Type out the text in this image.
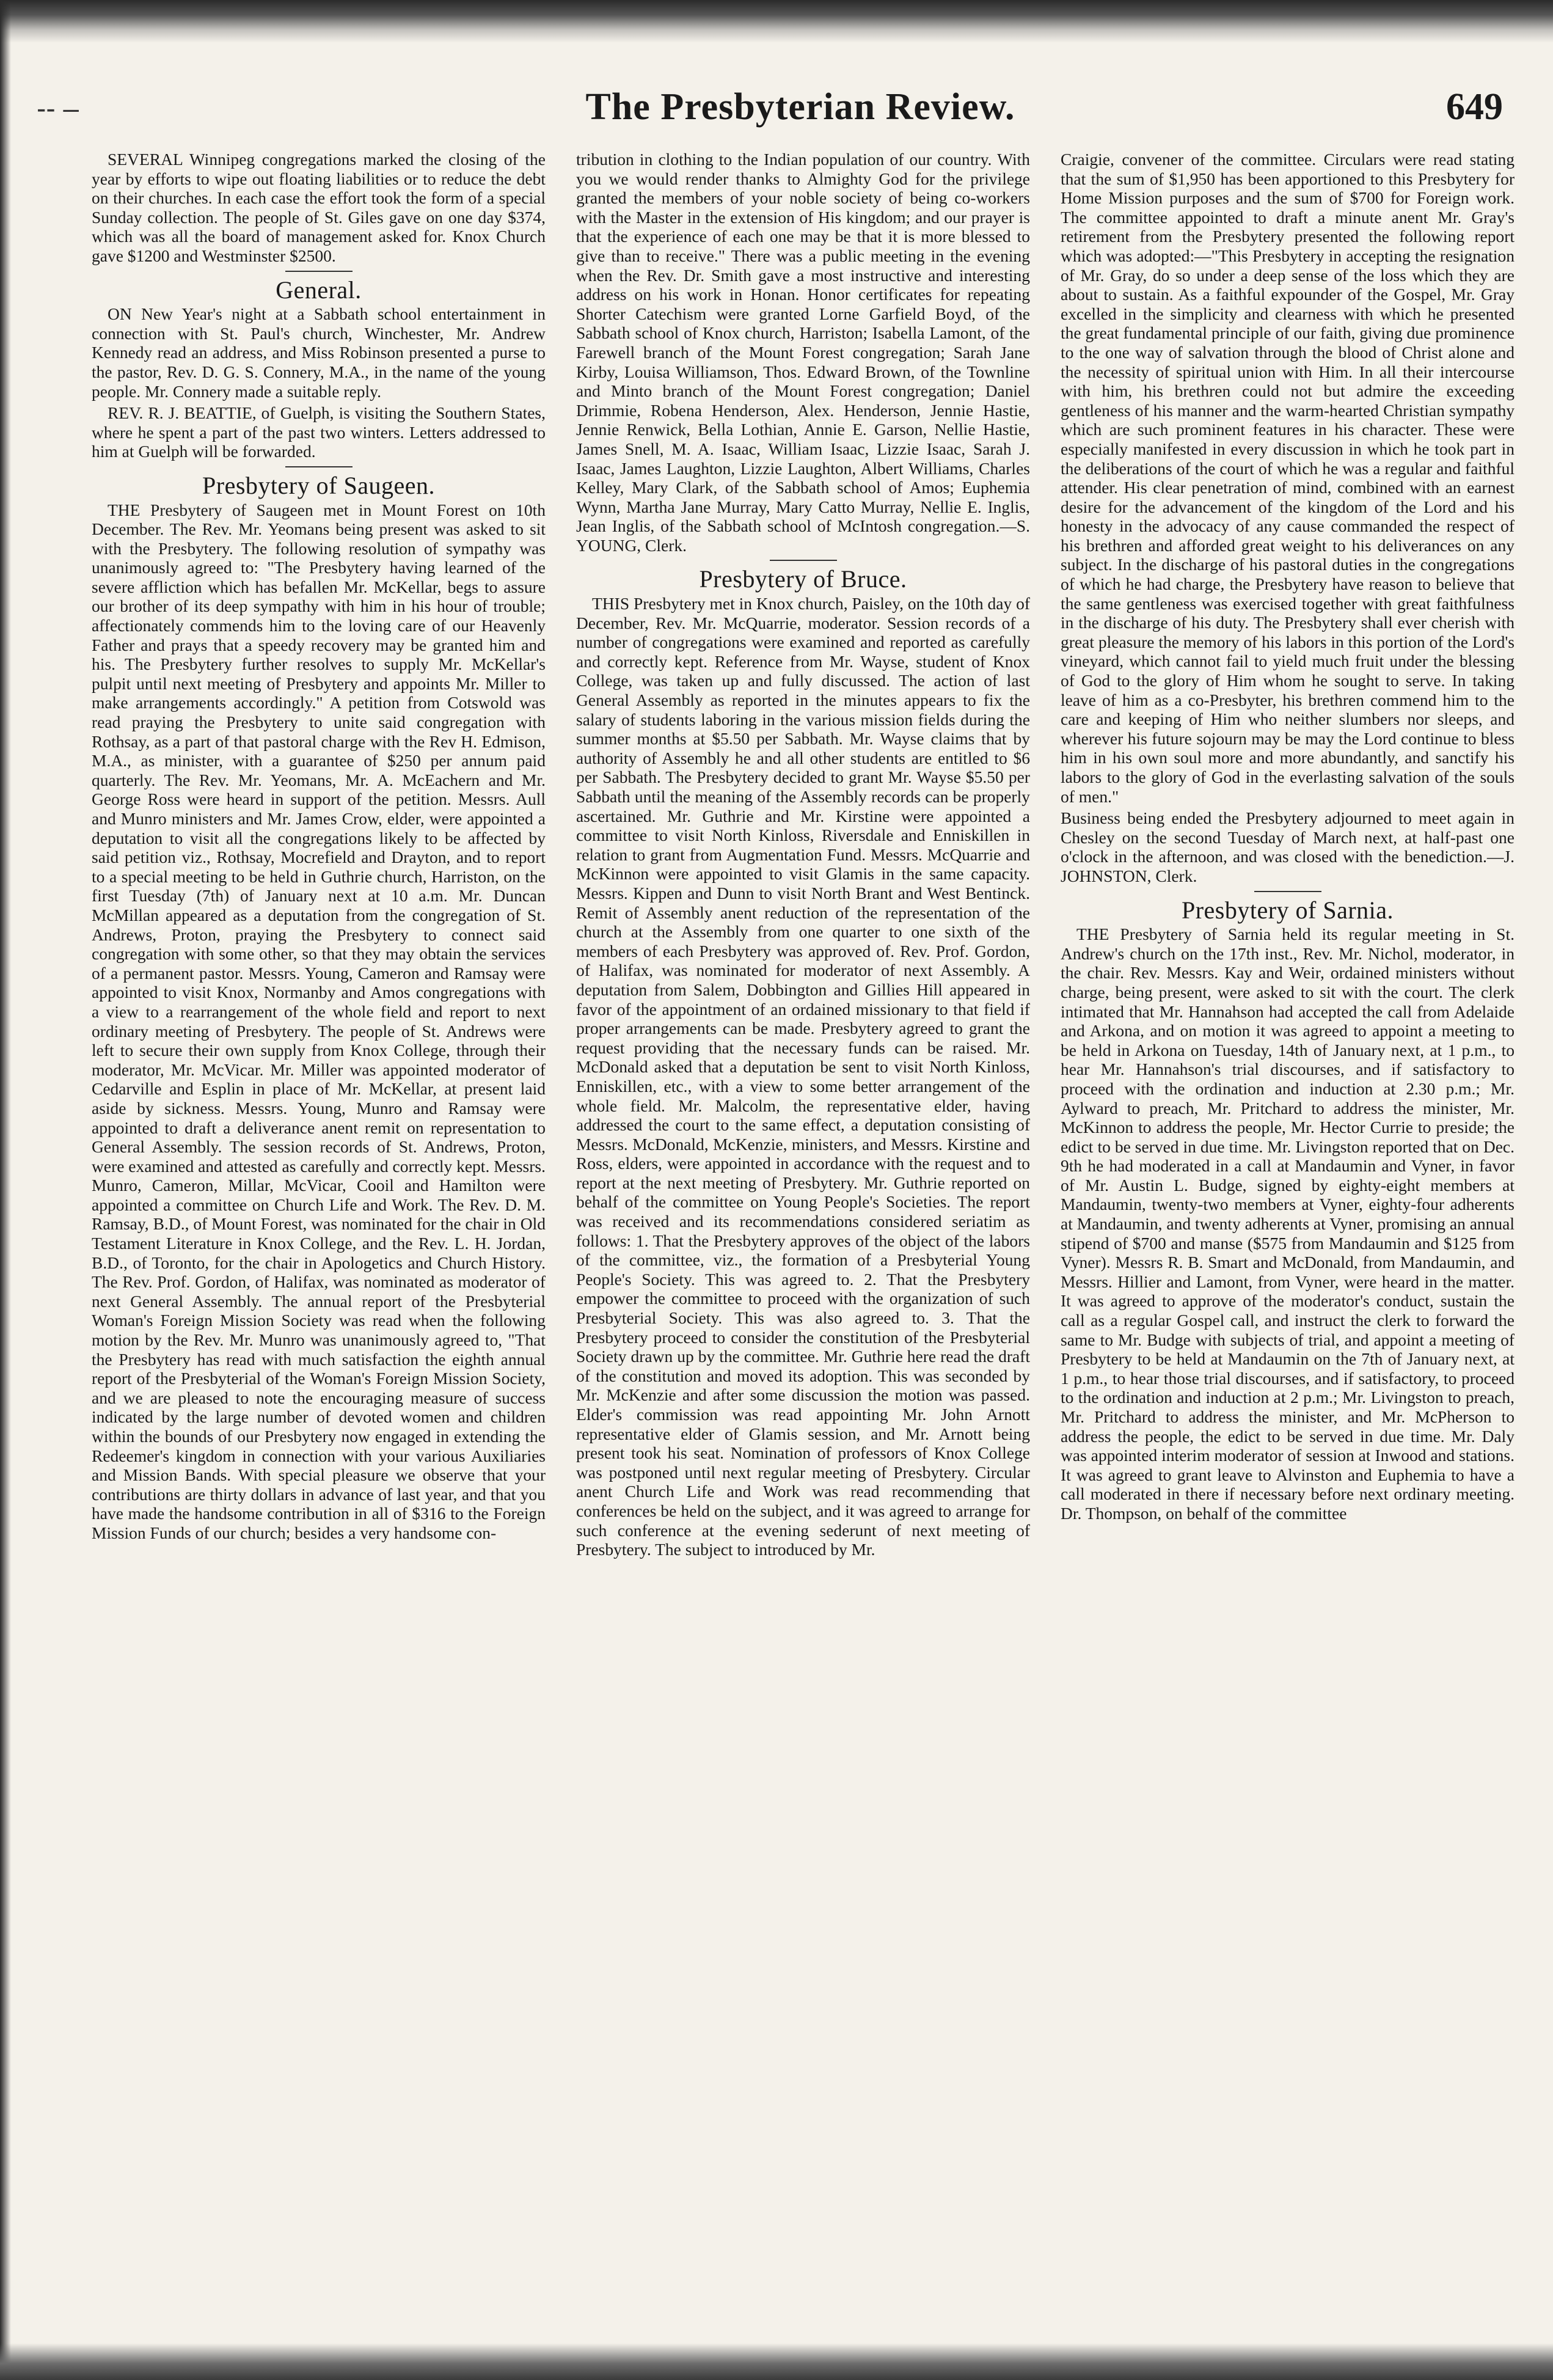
-- –	The Presbyterian Review.	649

SEVERAL Winnipeg congregations marked the closing of the year by efforts to wipe out floating liabilities or to reduce the debt on their churches. In each case the effort took the form of a special Sunday collection. The people of St. Giles gave on one day $374, which was all the board of management asked for. Knox Church gave $1200 and Westminster $2500.

General.

ON New Year's night at a Sabbath school entertainment in connection with St. Paul's church, Winchester, Mr. Andrew Kennedy read an address, and Miss Robinson presented a purse to the pastor, Rev. D. G. S. Connery, M.A., in the name of the young people. Mr. Connery made a suitable reply.

REV. R. J. BEATTIE, of Guelph, is visiting the Southern States, where he spent a part of the past two winters. Letters addressed to him at Guelph will be forwarded.

Presbytery of Saugeen.

THE Presbytery of Saugeen met in Mount Forest on 10th December. The Rev. Mr. Yeomans being present was asked to sit with the Presbytery. The following resolution of sympathy was unanimously agreed to: "The Presbytery having learned of the severe affliction which has befallen Mr. McKellar, begs to assure our brother of its deep sympathy with him in his hour of trouble; affectionately commends him to the loving care of our Heavenly Father and prays that a speedy recovery may be granted him and his. The Presbytery further resolves to supply Mr. McKellar's pulpit until next meeting of Presbytery and appoints Mr. Miller to make arrangements accordingly." A petition from Cotswold was read praying the Presbytery to unite said congregation with Rothsay, as a part of that pastoral charge with the Rev H. Edmison, M.A., as minister, with a guarantee of $250 per annum paid quarterly. The Rev. Mr. Yeomans, Mr. A. McEachern and Mr. George Ross were heard in support of the petition. Messrs. Aull and Munro ministers and Mr. James Crow, elder, were appointed a deputation to visit all the congregations likely to be affected by said petition viz., Rothsay, Mocrefield and Drayton, and to report to a special meeting to be held in Guthrie church, Harriston, on the first Tuesday (7th) of January next at 10 a.m. Mr. Duncan McMillan appeared as a deputation from the congregation of St. Andrews, Proton, praying the Presbytery to connect said congregation with some other, so that they may obtain the services of a permanent pastor. Messrs. Young, Cameron and Ramsay were appointed to visit Knox, Normanby and Amos congregations with a view to a rearrangement of the whole field and report to next ordinary meeting of Presbytery. The people of St. Andrews were left to secure their own supply from Knox College, through their moderator, Mr. McVicar. Mr. Miller was appointed moderator of Cedarville and Esplin in place of Mr. McKellar, at present laid aside by sickness. Messrs. Young, Munro and Ramsay were appointed to draft a deliverance anent remit on representation to General Assembly. The session records of St. Andrews, Proton, were examined and attested as carefully and correctly kept. Messrs. Munro, Cameron, Millar, McVicar, Cooil and Hamilton were appointed a committee on Church Life and Work. The Rev. D. M. Ramsay, B.D., of Mount Forest, was nominated for the chair in Old Testament Literature in Knox College, and the Rev. L. H. Jordan, B.D., of Toronto, for the chair in Apologetics and Church History. The Rev. Prof. Gordon, of Halifax, was nominated as moderator of next General Assembly. The annual report of the Presbyterial Woman's Foreign Mission Society was read when the following motion by the Rev. Mr. Munro was unanimously agreed to, "That the Presbytery has read with much satisfaction the eighth annual report of the Presbyterial of the Woman's Foreign Mission Society, and we are pleased to note the encouraging measure of success indicated by the large number of devoted women and children within the bounds of our Presbytery now engaged in extending the Redeemer's kingdom in connection with your various Auxiliaries and Mission Bands. With special pleasure we observe that your contributions are thirty dollars in advance of last year, and that you have made the handsome contribution in all of $316 to the Foreign Mission Funds of our church; besides a very handsome con-

tribution in clothing to the Indian population of our country. With you we would render thanks to Almighty God for the privilege granted the members of your noble society of being co-workers with the Master in the extension of His kingdom; and our prayer is that the experience of each one may be that it is more blessed to give than to receive." There was a public meeting in the evening when the Rev. Dr. Smith gave a most instructive and interesting address on his work in Honan. Honor certificates for repeating Shorter Catechism were granted Lorne Garfield Boyd, of the Sabbath school of Knox church, Harriston; Isabella Lamont, of the Farewell branch of the Mount Forest congregation; Sarah Jane Kirby, Louisa Williamson, Thos. Edward Brown, of the Townline and Minto branch of the Mount Forest congregation; Daniel Drimmie, Robena Henderson, Alex. Henderson, Jennie Hastie, Jennie Renwick, Bella Lothian, Annie E. Garson, Nellie Hastie, James Snell, M. A. Isaac, William Isaac, Lizzie Isaac, Sarah J. Isaac, James Laughton, Lizzie Laughton, Albert Williams, Charles Kelley, Mary Clark, of the Sabbath school of Amos; Euphemia Wynn, Martha Jane Murray, Mary Catto Murray, Nellie E. Inglis, Jean Inglis, of the Sabbath school of McIntosh congregation.—S. YOUNG, Clerk.

Presbytery of Bruce.

THIS Presbytery met in Knox church, Paisley, on the 10th day of December, Rev. Mr. McQuarrie, moderator. Session records of a number of congregations were examined and reported as carefully and correctly kept. Reference from Mr. Wayse, student of Knox College, was taken up and fully discussed. The action of last General Assembly as reported in the minutes appears to fix the salary of students laboring in the various mission fields during the summer months at $5.50 per Sabbath. Mr. Wayse claims that by authority of Assembly he and all other students are entitled to $6 per Sabbath. The Presbytery decided to grant Mr. Wayse $5.50 per Sabbath until the meaning of the Assembly records can be properly ascertained. Mr. Guthrie and Mr. Kirstine were appointed a committee to visit North Kinloss, Riversdale and Enniskillen in relation to grant from Augmentation Fund. Messrs. McQuarrie and McKinnon were appointed to visit Glamis in the same capacity. Messrs. Kippen and Dunn to visit North Brant and West Bentinck. Remit of Assembly anent reduction of the representation of the church at the Assembly from one quarter to one sixth of the members of each Presbytery was approved of. Rev. Prof. Gordon, of Halifax, was nominated for moderator of next Assembly. A deputation from Salem, Dobbington and Gillies Hill appeared in favor of the appointment of an ordained missionary to that field if proper arrangements can be made. Presbytery agreed to grant the request providing that the necessary funds can be raised. Mr. McDonald asked that a deputation be sent to visit North Kinloss, Enniskillen, etc., with a view to some better arrangement of the whole field. Mr. Malcolm, the representative elder, having addressed the court to the same effect, a deputation consisting of Messrs. McDonald, McKenzie, ministers, and Messrs. Kirstine and Ross, elders, were appointed in accordance with the request and to report at the next meeting of Presbytery. Mr. Guthrie reported on behalf of the committee on Young People's Societies. The report was received and its recommendations considered seriatim as follows: 1. That the Presbytery approves of the object of the labors of the committee, viz., the formation of a Presbyterial Young People's Society. This was agreed to. 2. That the Presbytery empower the committee to proceed with the organization of such Presbyterial Society. This was also agreed to. 3. That the Presbytery proceed to consider the constitution of the Presbyterial Society drawn up by the committee. Mr. Guthrie here read the draft of the constitution and moved its adoption. This was seconded by Mr. McKenzie and after some discussion the motion was passed. Elder's commission was read appointing Mr. John Arnott representative elder of Glamis session, and Mr. Arnott being present took his seat. Nomination of professors of Knox College was postponed until next regular meeting of Presbytery. Circular anent Church Life and Work was read recommending that conferences be held on the subject, and it was agreed to arrange for such conference at the evening sederunt of next meeting of Presbytery. The subject to introduced by Mr.

Craigie, convener of the committee. Circulars were read stating that the sum of $1,950 has been apportioned to this Presbytery for Home Mission purposes and the sum of $700 for Foreign work. The committee appointed to draft a minute anent Mr. Gray's retirement from the Presbytery presented the following report which was adopted:—"This Presbytery in accepting the resignation of Mr. Gray, do so under a deep sense of the loss which they are about to sustain. As a faithful expounder of the Gospel, Mr. Gray excelled in the simplicity and clearness with which he presented the great fundamental principle of our faith, giving due prominence to the one way of salvation through the blood of Christ alone and the necessity of spiritual union with Him. In all their intercourse with him, his brethren could not but admire the exceeding gentleness of his manner and the warm-hearted Christian sympathy which are such prominent features in his character. These were especially manifested in every discussion in which he took part in the deliberations of the court of which he was a regular and faithful attender. His clear penetration of mind, combined with an earnest desire for the advancement of the kingdom of the Lord and his honesty in the advocacy of any cause commanded the respect of his brethren and afforded great weight to his deliverances on any subject. In the discharge of his pastoral duties in the congregations of which he had charge, the Presbytery have reason to believe that the same gentleness was exercised together with great faithfulness in the discharge of his duty. The Presbytery shall ever cherish with great pleasure the memory of his labors in this portion of the Lord's vineyard, which cannot fail to yield much fruit under the blessing of God to the glory of Him whom he sought to serve. In taking leave of him as a co-Presbyter, his brethren commend him to the care and keeping of Him who neither slumbers nor sleeps, and wherever his future sojourn may be may the Lord continue to bless him in his own soul more and more abundantly, and sanctify his labors to the glory of God in the everlasting salvation of the souls of men."

Business being ended the Presbytery adjourned to meet again in Chesley on the second Tuesday of March next, at half-past one o'clock in the afternoon, and was closed with the benediction.—J. JOHNSTON, Clerk.

Presbytery of Sarnia.

THE Presbytery of Sarnia held its regular meeting in St. Andrew's church on the 17th inst., Rev. Mr. Nichol, moderator, in the chair. Rev. Messrs. Kay and Weir, ordained ministers without charge, being present, were asked to sit with the court. The clerk intimated that Mr. Hannahson had accepted the call from Adelaide and Arkona, and on motion it was agreed to appoint a meeting to be held in Arkona on Tuesday, 14th of January next, at 1 p.m., to hear Mr. Hannahson's trial discourses, and if satisfactory to proceed with the ordination and induction at 2.30 p.m.; Mr. Aylward to preach, Mr. Pritchard to address the minister, Mr. McKinnon to address the people, Mr. Hector Currie to preside; the edict to be served in due time. Mr. Livingston reported that on Dec. 9th he had moderated in a call at Mandaumin and Vyner, in favor of Mr. Austin L. Budge, signed by eighty-eight members at Mandaumin, twenty-two members at Vyner, eighty-four adherents at Mandaumin, and twenty adherents at Vyner, promising an annual stipend of $700 and manse ($575 from Mandaumin and $125 from Vyner). Messrs R. B. Smart and McDonald, from Mandaumin, and Messrs. Hillier and Lamont, from Vyner, were heard in the matter. It was agreed to approve of the moderator's conduct, sustain the call as a regular Gospel call, and instruct the clerk to forward the same to Mr. Budge with subjects of trial, and appoint a meeting of Presbytery to be held at Mandaumin on the 7th of January next, at 1 p.m., to hear those trial discourses, and if satisfactory, to proceed to the ordination and induction at 2 p.m.; Mr. Livingston to preach, Mr. Pritchard to address the minister, and Mr. McPherson to address the people, the edict to be served in due time. Mr. Daly was appointed interim moderator of session at Inwood and stations. It was agreed to grant leave to Alvinston and Euphemia to have a call moderated in there if necessary before next ordinary meeting. Dr. Thompson, on behalf of the committee
